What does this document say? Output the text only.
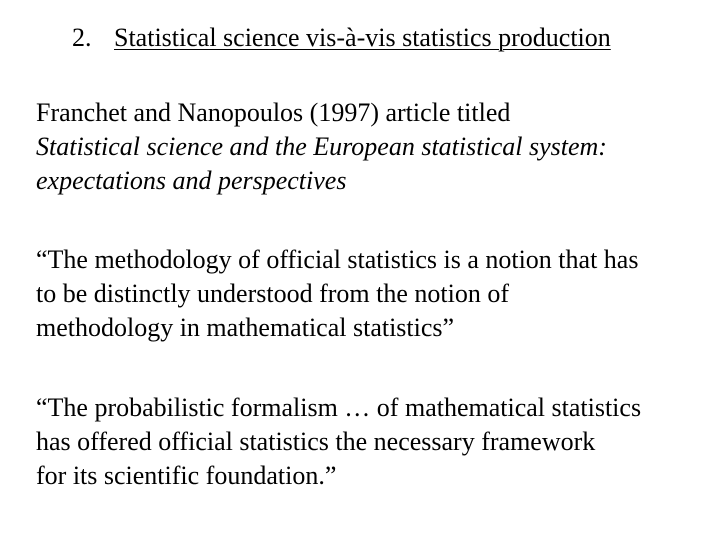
2. Statistical science vis-à-vis statistics production

Franchet and Nanopoulos (1997) article titled
Statistical science and the European statistical system:
expectations and perspectives

“The methodology of official statistics is a notion that has
to be distinctly understood from the notion of
methodology in mathematical statistics”

“The probabilistic formalism … of mathematical statistics
has offered official statistics the necessary framework
for its scientific foundation.”
